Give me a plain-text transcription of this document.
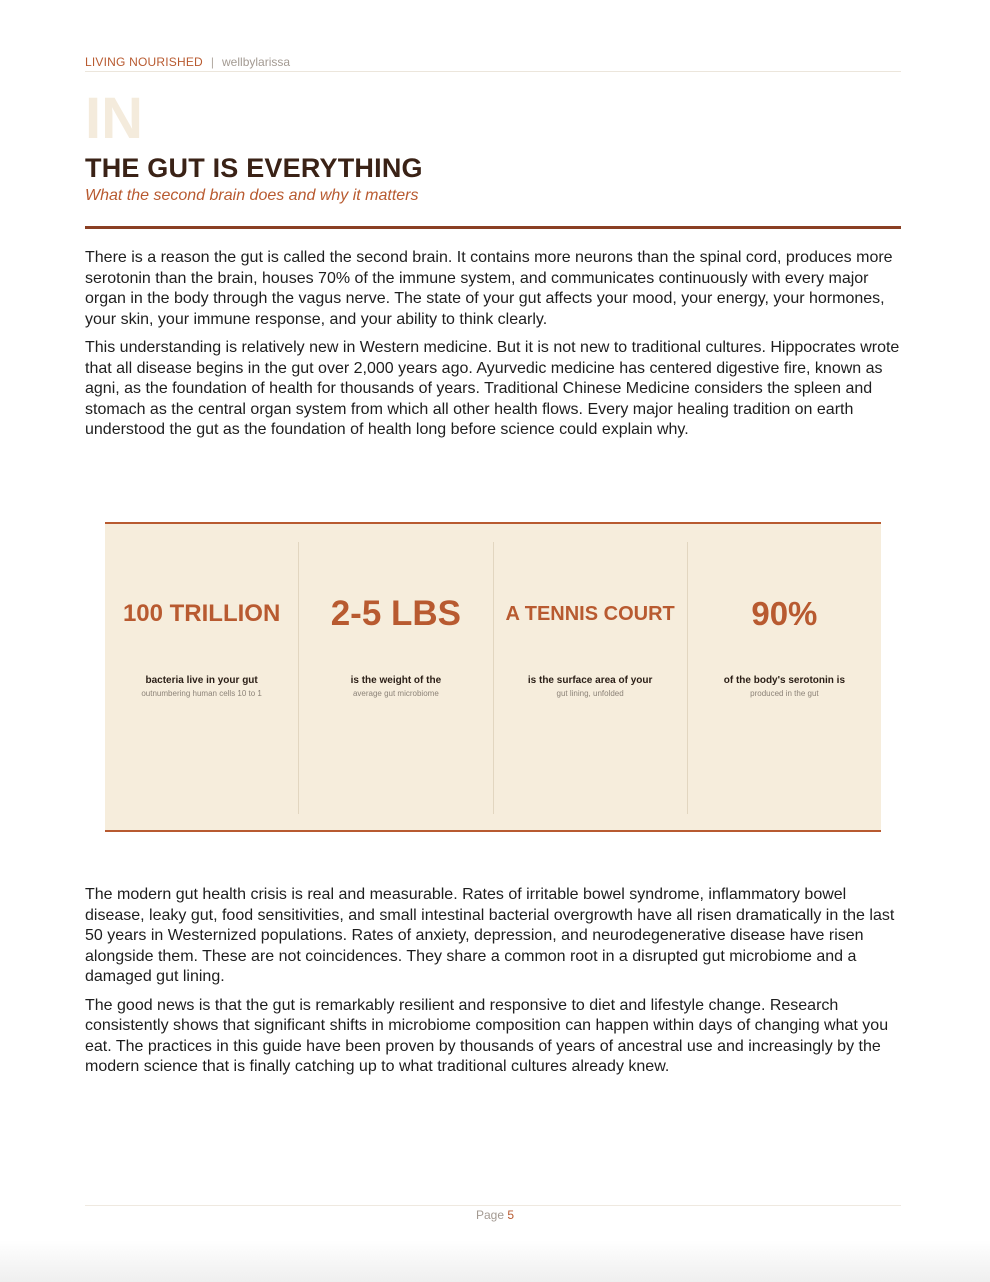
LIVING NOURISHED | wellbylarissa
IN
THE GUT IS EVERYTHING
What the second brain does and why it matters

There is a reason the gut is called the second brain. It contains more neurons than the spinal cord, produces more serotonin than the brain, houses 70% of the immune system, and communicates continuously with every major organ in the body through the vagus nerve. The state of your gut affects your mood, your energy, your hormones, your skin, your immune response, and your ability to think clearly.

This understanding is relatively new in Western medicine. But it is not new to traditional cultures. Hippocrates wrote that all disease begins in the gut over 2,000 years ago. Ayurvedic medicine has centered digestive fire, known as agni, as the foundation of health for thousands of years. Traditional Chinese Medicine considers the spleen and stomach as the central organ system from which all other health flows. Every major healing tradition on earth understood the gut as the foundation of health long before science could explain why.

100 TRILLION
bacteria live in your gut
outnumbering human cells 10 to 1
2-5 LBS
is the weight of the
average gut microbiome
A TENNIS COURT
is the surface area of your
gut lining, unfolded
90%
of the body's serotonin is
produced in the gut

The modern gut health crisis is real and measurable. Rates of irritable bowel syndrome, inflammatory bowel disease, leaky gut, food sensitivities, and small intestinal bacterial overgrowth have all risen dramatically in the last 50 years in Westernized populations. Rates of anxiety, depression, and neurodegenerative disease have risen alongside them. These are not coincidences. They share a common root in a disrupted gut microbiome and a damaged gut lining.

The good news is that the gut is remarkably resilient and responsive to diet and lifestyle change. Research consistently shows that significant shifts in microbiome composition can happen within days of changing what you eat. The practices in this guide have been proven by thousands of years of ancestral use and increasingly by the modern science that is finally catching up to what traditional cultures already knew.

Page 5
